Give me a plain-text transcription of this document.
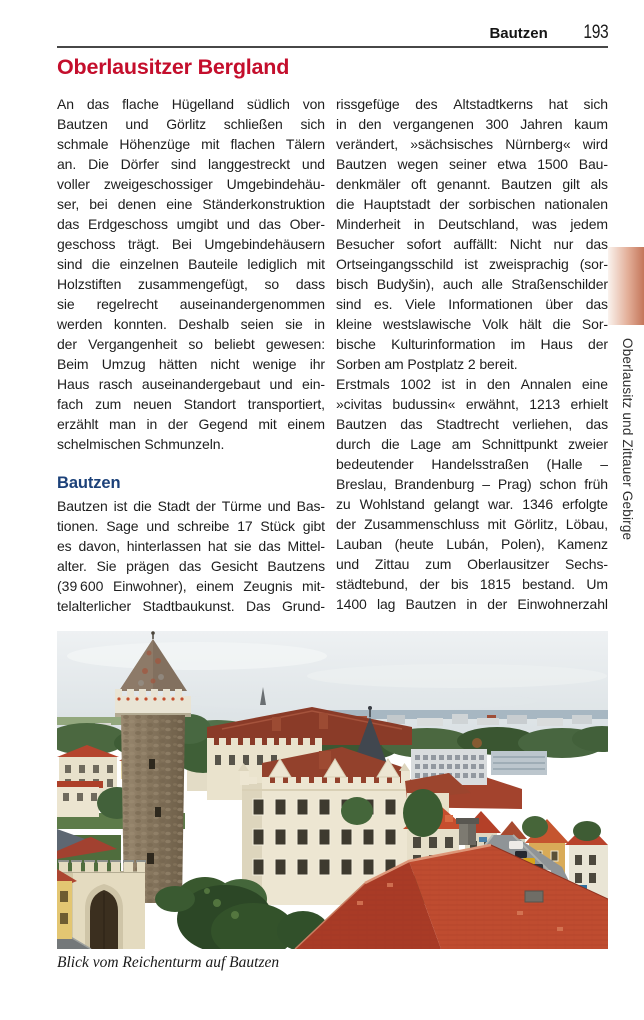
Bautzen 193
Oberlausitzer Bergland
An das flache Hügelland südlich von
Bautzen und Görlitz schließen sich
schmale Höhenzüge mit flachen Tälern
an. Die Dörfer sind langgestreckt und
voller zweigeschossiger Umgebindehäu-
ser, bei denen eine Ständerkonstruktion
das Erdgeschoss umgibt und das Ober-
geschoss trägt. Bei Umgebindehäusern
sind die einzelnen Bauteile lediglich mit
Holzstiften zusammengefügt, so dass
sie regelrecht auseinandergenommen
werden konnten. Deshalb seien sie in
der Vergangenheit so beliebt gewesen:
Beim Umzug hätten nicht wenige ihr
Haus rasch auseinandergebaut und ein-
fach zum neuen Standort transportiert,
erzählt man in der Gegend mit einem
schelmischen Schmunzeln.
Bautzen
Bautzen ist die Stadt der Türme und Bas-
tionen. Sage und schreibe 17 Stück gibt
es davon, hinterlassen hat sie das Mittel-
alter. Sie prägen das Gesicht Bautzens
(39 600 Einwohner), einem Zeugnis mit-
telalterlicher Stadtbaukunst. Das Grund-
rissgefüge des Altstadtkerns hat sich
in den vergangenen 300 Jahren kaum
verändert, »sächsisches Nürnberg« wird
Bautzen wegen seiner etwa 1500 Bau-
denkmäler oft genannt. Bautzen gilt als
die Hauptstadt der sorbischen nationalen
Minderheit in Deutschland, was jedem
Besucher sofort auffällt: Nicht nur das
Ortseingangsschild ist zweisprachig (sor-
bisch Budyšin), auch alle Straßenschilder
sind es. Viele Informationen über das
kleine westslawische Volk hält die Sor-
bische Kulturinformation im Haus der
Sorben am Postplatz 2 bereit.
Erstmals 1002 ist in den Annalen eine
»civitas budussin« erwähnt, 1213 erhielt
Bautzen das Stadtrecht verliehen, das
durch die Lage am Schnittpunkt zweier
bedeutender Handelsstraßen (Halle –
Breslau, Brandenburg – Prag) schon früh
zu Wohlstand gelangt war. 1346 erfolgte
der Zusammenschluss mit Görlitz, Löbau,
Lauban (heute Lubán, Polen), Kamenz
und Zittau zum Oberlausitzer Sechs-
städtebund, der bis 1815 bestand. Um
1400 lag Bautzen in der Einwohnerzahl
Blick vom Reichenturm auf Bautzen
Oberlausitz und Zittauer Gebirge
